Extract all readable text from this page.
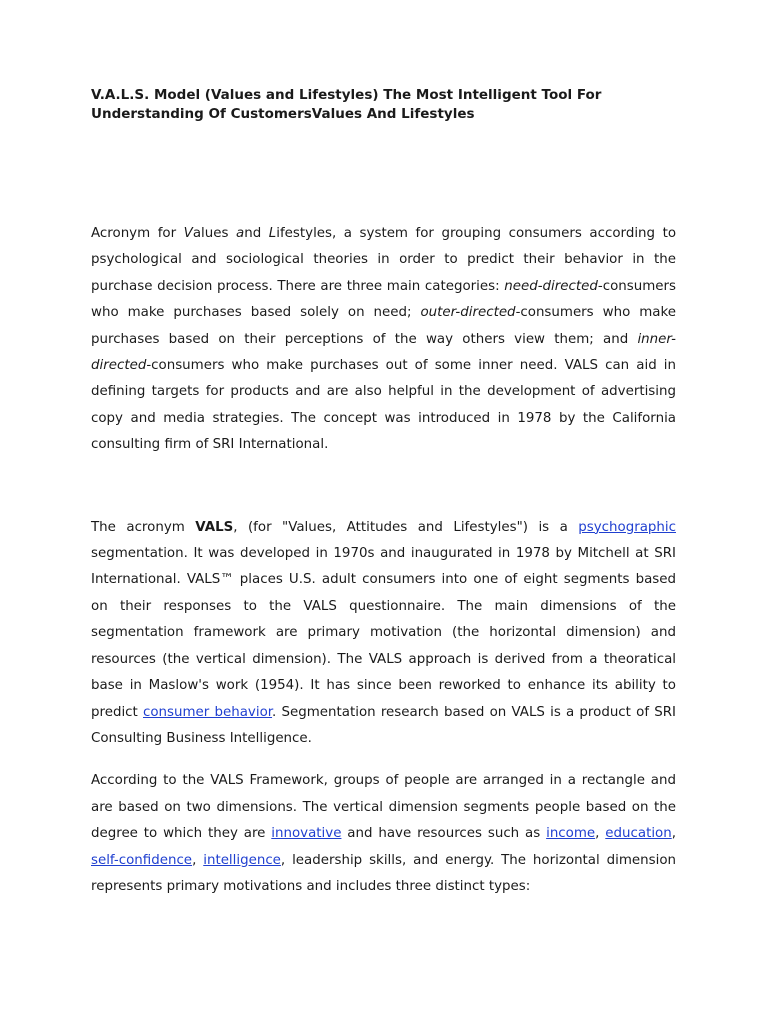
V.A.L.S. Model (Values and Lifestyles) The Most Intelligent Tool For Understanding Of CustomersValues And Lifestyles

Acronym for Values and Lifestyles, a system for grouping consumers according to psychological and sociological theories in order to predict their behavior in the purchase decision process. There are three main categories: need-directed-consumers who make purchases based solely on need; outer-directed-consumers who make purchases based on their perceptions of the way others view them; and inner-directed-consumers who make purchases out of some inner need. VALS can aid in defining targets for products and are also helpful in the development of advertising copy and media strategies. The concept was introduced in 1978 by the California consulting firm of SRI International.

The acronym VALS, (for "Values, Attitudes and Lifestyles") is a psychographic segmentation. It was developed in 1970s and inaugurated in 1978 by Mitchell at SRI International. VALS™ places U.S. adult consumers into one of eight segments based on their responses to the VALS questionnaire. The main dimensions of the segmentation framework are primary motivation (the horizontal dimension) and resources (the vertical dimension). The VALS approach is derived from a theoratical base in Maslow's work (1954). It has since been reworked to enhance its ability to predict consumer behavior. Segmentation research based on VALS is a product of SRI Consulting Business Intelligence.

According to the VALS Framework, groups of people are arranged in a rectangle and are based on two dimensions. The vertical dimension segments people based on the degree to which they are innovative and have resources such as income, education, self-confidence, intelligence, leadership skills, and energy. The horizontal dimension represents primary motivations and includes three distinct types:
